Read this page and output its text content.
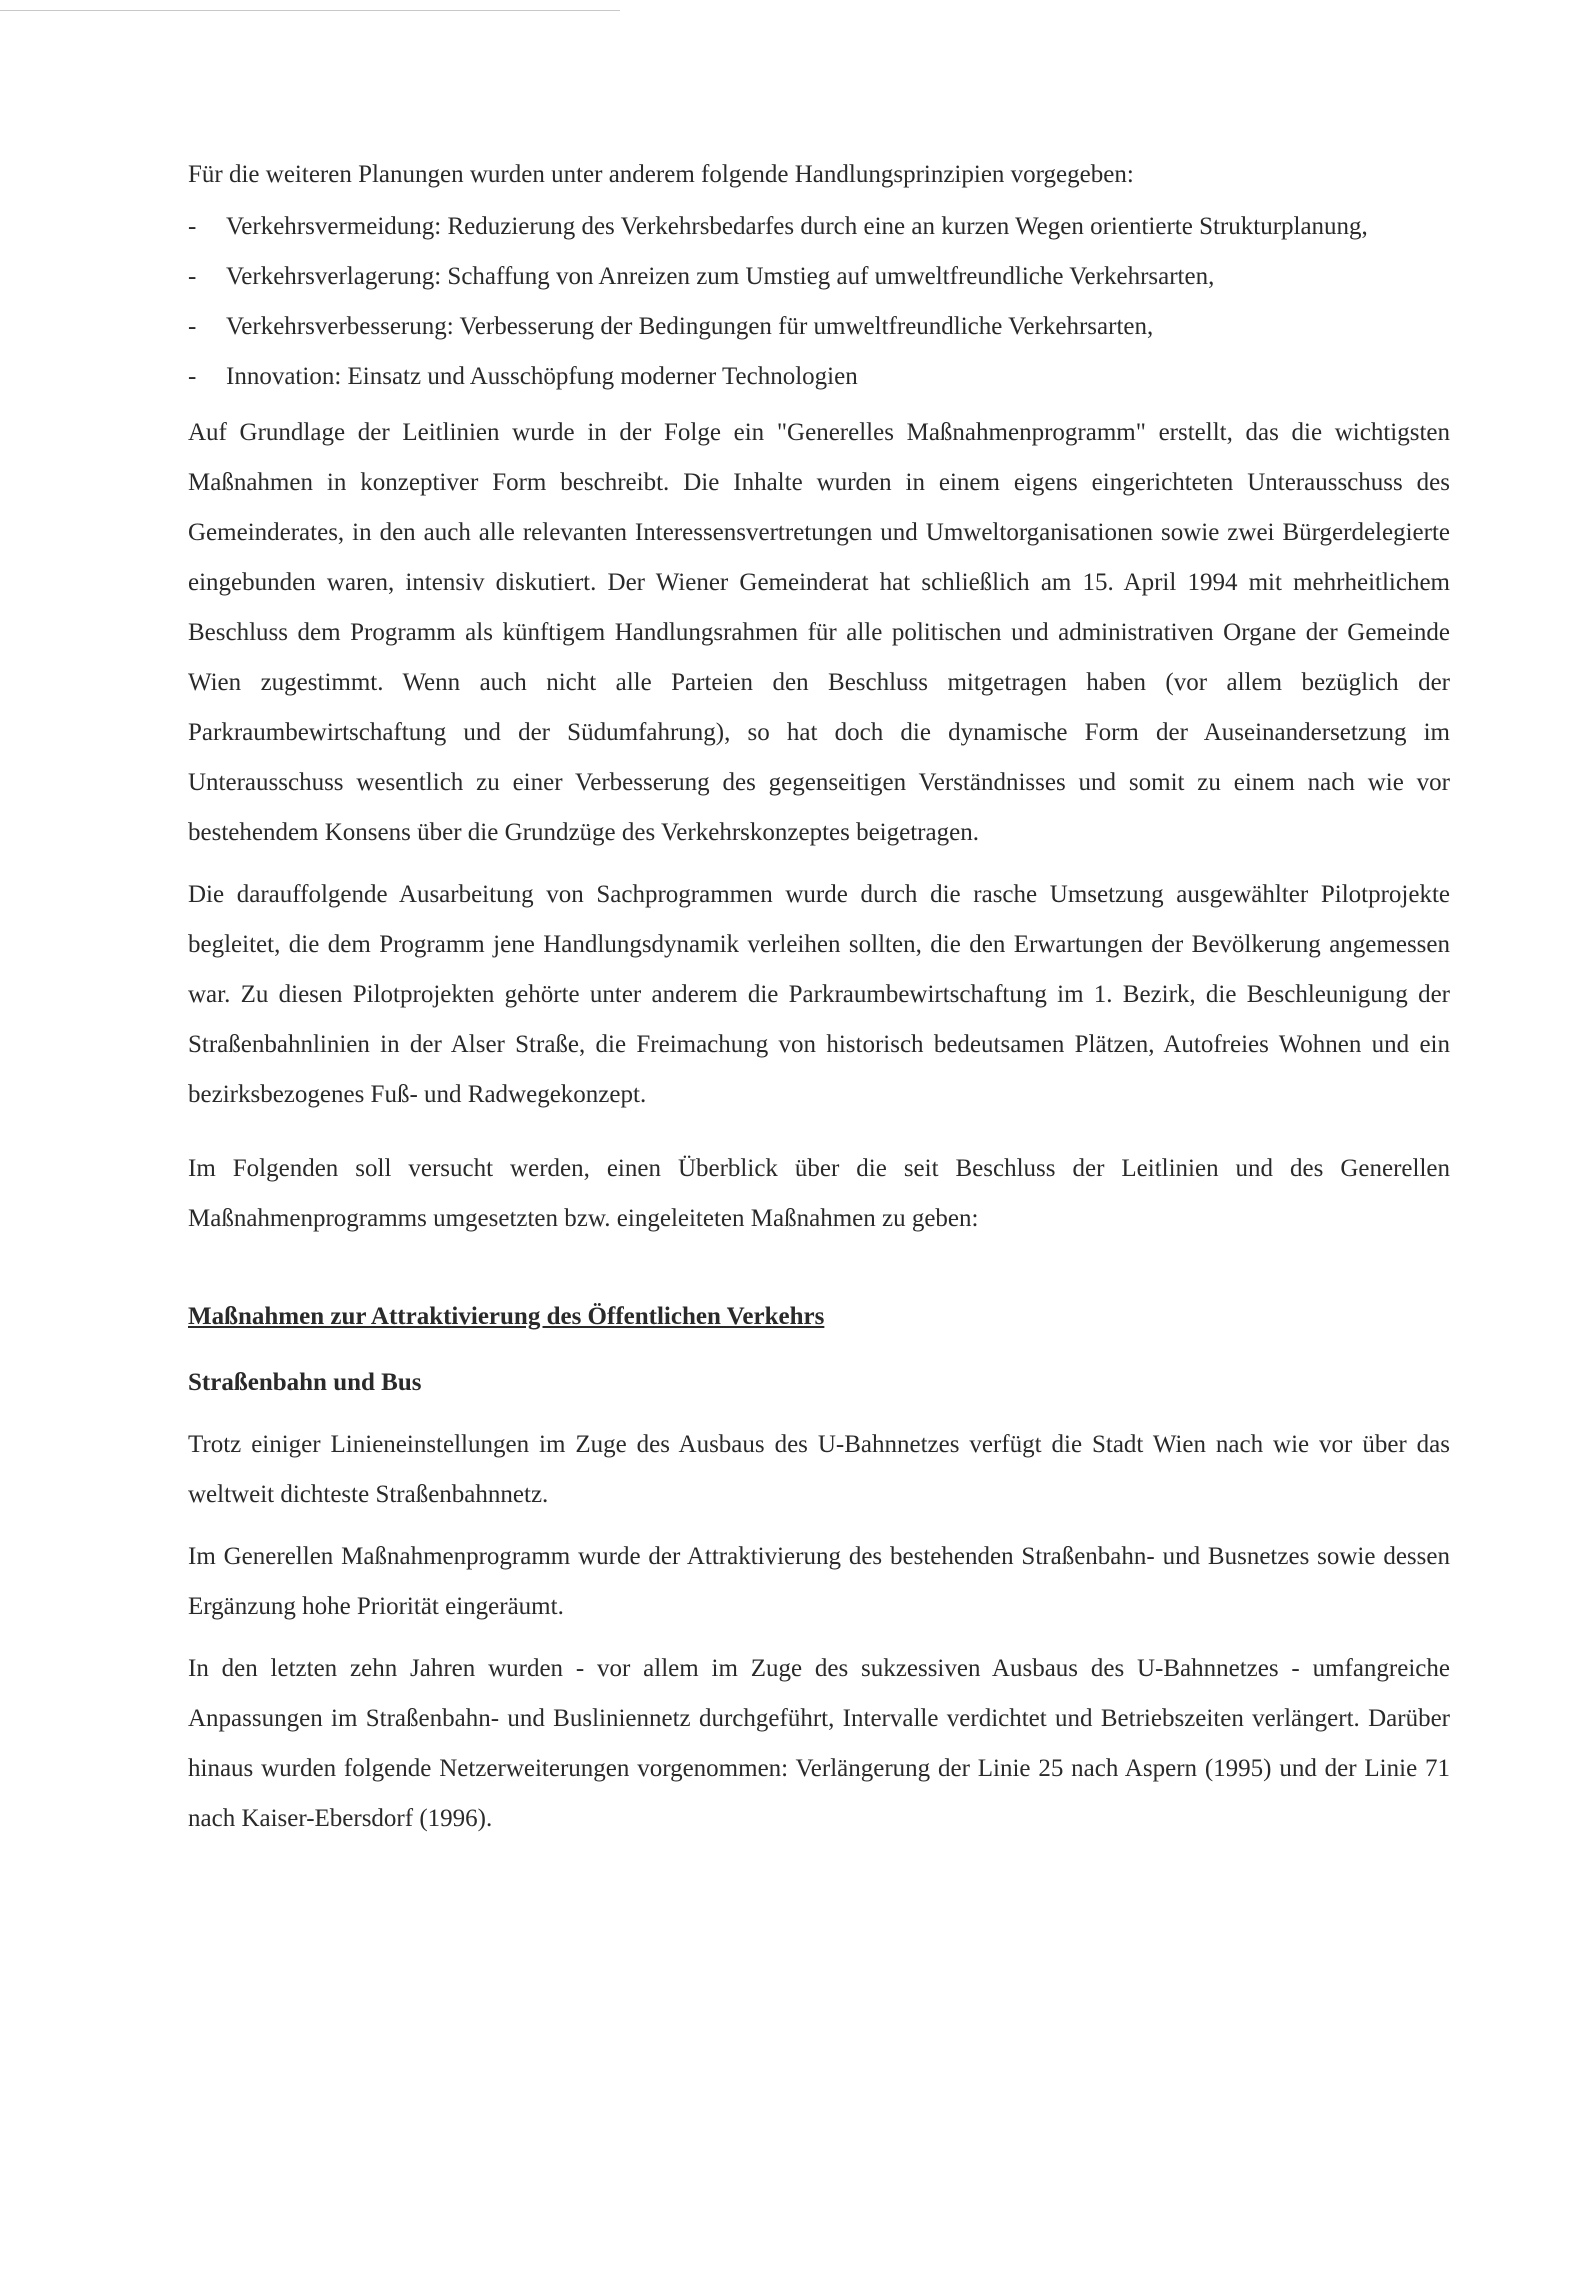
Für die weiteren Planungen wurden unter anderem folgende Handlungsprinzipien vorgegeben:

- Verkehrsvermeidung: Reduzierung des Verkehrsbedarfes durch eine an kurzen Wegen orientierte Strukturplanung,
- Verkehrsverlagerung: Schaffung von Anreizen zum Umstieg auf umweltfreundliche Verkehrsarten,
- Verkehrsverbesserung: Verbesserung der Bedingungen für umweltfreundliche Verkehrsarten,
- Innovation: Einsatz und Ausschöpfung moderner Technologien

Auf Grundlage der Leitlinien wurde in der Folge ein "Generelles Maßnahmenprogramm" erstellt, das die wichtigsten Maßnahmen in konzeptiver Form beschreibt. Die Inhalte wurden in einem eigens eingerichteten Unterausschuss des Gemeinderates, in den auch alle relevanten Interessensvertretungen und Umweltorganisationen sowie zwei Bürgerdelegierte eingebunden waren, intensiv diskutiert. Der Wiener Gemeinderat hat schließlich am 15. April 1994 mit mehrheitlichem Beschluss dem Programm als künftigem Handlungsrahmen für alle politischen und administrativen Organe der Gemeinde Wien zugestimmt. Wenn auch nicht alle Parteien den Beschluss mitgetragen haben (vor allem bezüglich der Parkraumbewirtschaftung und der Südumfahrung), so hat doch die dynamische Form der Auseinandersetzung im Unterausschuss wesentlich zu einer Verbesserung des gegenseitigen Verständnisses und somit zu einem nach wie vor bestehendem Konsens über die Grundzüge des Verkehrskonzeptes beigetragen.

Die darauffolgende Ausarbeitung von Sachprogrammen wurde durch die rasche Umsetzung ausgewählter Pilotprojekte begleitet, die dem Programm jene Handlungsdynamik verleihen sollten, die den Erwartungen der Bevölkerung angemessen war. Zu diesen Pilotprojekten gehörte unter anderem die Parkraumbewirtschaftung im 1. Bezirk, die Beschleunigung der Straßenbahnlinien in der Alser Straße, die Freimachung von historisch bedeutsamen Plätzen, Autofreies Wohnen und ein bezirksbezogenes Fuß- und Radwegekonzept.

Im Folgenden soll versucht werden, einen Überblick über die seit Beschluss der Leitlinien und des Generellen Maßnahmenprogramms umgesetzten bzw. eingeleiteten Maßnahmen zu geben:

Maßnahmen zur Attraktivierung des Öffentlichen Verkehrs
Straßenbahn und Bus

Trotz einiger Linieneinstellungen im Zuge des Ausbaus des U-Bahnnetzes verfügt die Stadt Wien nach wie vor über das weltweit dichteste Straßenbahnnetz.

Im Generellen Maßnahmenprogramm wurde der Attraktivierung des bestehenden Straßenbahn- und Busnetzes sowie dessen Ergänzung hohe Priorität eingeräumt.

In den letzten zehn Jahren wurden - vor allem im Zuge des sukzessiven Ausbaus des U-Bahnnetzes - umfangreiche Anpassungen im Straßenbahn- und Busliniennetz durchgeführt, Intervalle verdichtet und Betriebszeiten verlängert. Darüber hinaus wurden folgende Netzerweiterungen vorgenommen: Verlängerung der Linie 25 nach Aspern (1995) und der Linie 71 nach Kaiser-Ebersdorf (1996).
